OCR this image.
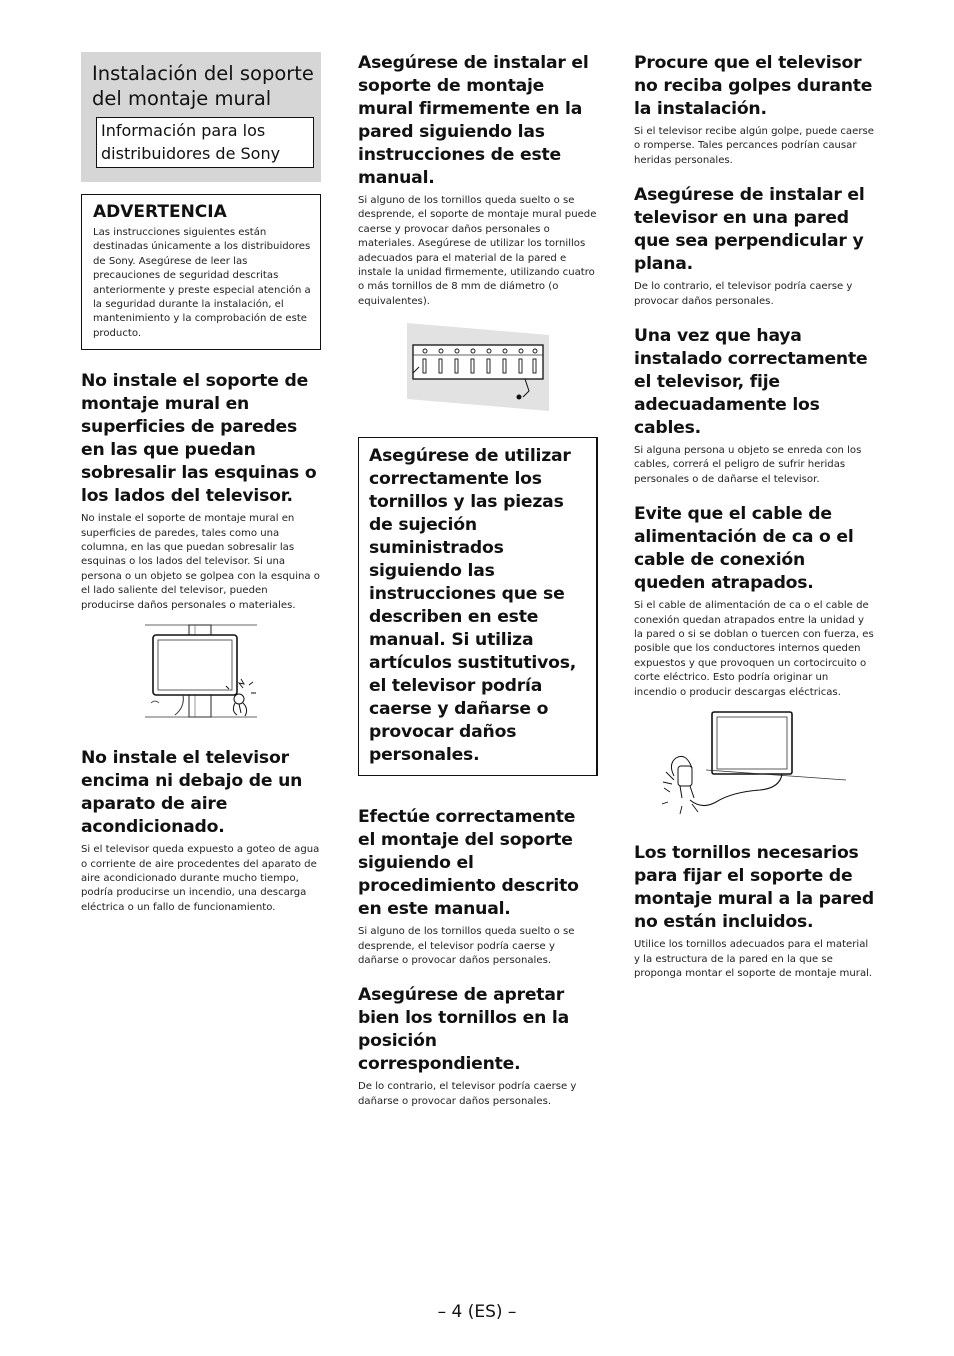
Instalación del soporte del montaje mural
Información para los distribuidores de Sony
ADVERTENCIA

Las instrucciones siguientes están destinadas únicamente a los distribuidores de Sony. Asegúrese de leer las precauciones de seguridad descritas anteriormente y preste especial atención a la seguridad durante la instalación, el mantenimiento y la comprobación de este producto.

No instale el soporte de montaje mural en superficies de paredes en las que puedan sobresalir las esquinas o los lados del televisor.

No instale el soporte de montaje mural en superficies de paredes, tales como una columna, en las que puedan sobresalir las esquinas o los lados del televisor. Si una persona o un objeto se golpea con la esquina o el lado saliente del televisor, pueden producirse daños personales o materiales.

No instale el televisor encima ni debajo de un aparato de aire acondicionado.

Si el televisor queda expuesto a goteo de agua o corriente de aire procedentes del aparato de aire acondicionado durante mucho tiempo, podría producirse un incendio, una descarga eléctrica o un fallo de funcionamiento.

Asegúrese de instalar el soporte de montaje mural firmemente en la pared siguiendo las instrucciones de este manual.

Si alguno de los tornillos queda suelto o se desprende, el soporte de montaje mural puede caerse y provocar daños personales o materiales. Asegúrese de utilizar los tornillos adecuados para el material de la pared e instale la unidad firmemente, utilizando cuatro o más tornillos de 8 mm de diámetro (o equivalentes).

Asegúrese de utilizar correctamente los tornillos y las piezas de sujeción suministrados siguiendo las instrucciones que se describen en este manual. Si utiliza artículos sustitutivos, el televisor podría caerse y dañarse o provocar daños personales.
Efectúe correctamente el montaje del soporte siguiendo el procedimiento descrito en este manual.

Si alguno de los tornillos queda suelto o se desprende, el televisor podría caerse y dañarse o provocar daños personales.

Asegúrese de apretar bien los tornillos en la posición correspondiente.

De lo contrario, el televisor podría caerse y dañarse o provocar daños personales.

Procure que el televisor no reciba golpes durante la instalación.

Si el televisor recibe algún golpe, puede caerse o romperse. Tales percances podrían causar heridas personales.

Asegúrese de instalar el televisor en una pared que sea perpendicular y plana.

De lo contrario, el televisor podría caerse y provocar daños personales.

Una vez que haya instalado correctamente el televisor, fije adecuadamente los cables.

Si alguna persona u objeto se enreda con los cables, correrá el peligro de sufrir heridas personales o de dañarse el televisor.

Evite que el cable de alimentación de ca o el cable de conexión queden atrapados.

Si el cable de alimentación de ca o el cable de conexión quedan atrapados entre la unidad y la pared o si se doblan o tuercen con fuerza, es posible que los conductores internos queden expuestos y que provoquen un cortocircuito o corte eléctrico. Esto podría originar un incendio o producir descargas eléctricas.

Los tornillos necesarios para fijar el soporte de montaje mural a la pared no están incluidos.

Utilice los tornillos adecuados para el material y la estructura de la pared en la que se proponga montar el soporte de montaje mural.

– 4 (ES) –
